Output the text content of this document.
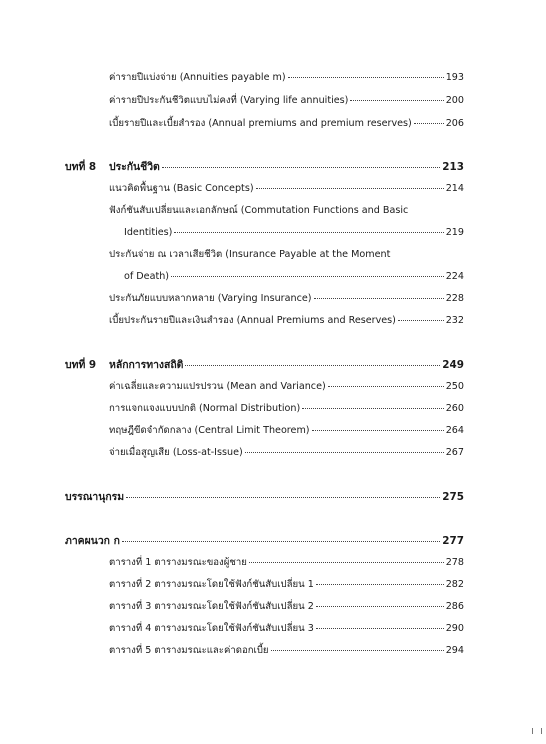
ค่ารายปีแบ่งจ่าย (Annuities payable m)	193
ค่ารายปีประกันชีวิตแบบไม่คงที่ (Varying life annuities)	200
เบี้ยรายปีและเบี้ยสำรอง (Annual premiums and premium reserves)	206
บทที่ 8	ประกันชีวิต	213
แนวคิดพื้นฐาน (Basic Concepts)	214
ฟังก์ชันสับเปลี่ยนและเอกลักษณ์ (Commutation Functions and Basic
Identities)	219
ประกันจ่าย ณ เวลาเสียชีวิต (Insurance Payable at the Moment
of Death)	224
ประกันภัยแบบหลากหลาย (Varying Insurance)	228
เบี้ยประกันรายปีและเงินสำรอง (Annual Premiums and Reserves)	232
บทที่ 9	หลักการทางสถิติ	249
ค่าเฉลี่ยและความแปรปรวน (Mean and Variance)	250
การแจกแจงแบบปกติ (Normal Distribution)	260
ทฤษฎีขีดจำกัดกลาง (Central Limit Theorem)	264
จ่ายเมื่อสูญเสีย (Loss-at-Issue)	267
บรรณานุกรม	275
ภาคผนวก ก	277
ตารางที่ 1 ตารางมรณะของผู้ชาย	278
ตารางที่ 2 ตารางมรณะโดยใช้ฟังก์ชันสับเปลี่ยน 1	282
ตารางที่ 3 ตารางมรณะโดยใช้ฟังก์ชันสับเปลี่ยน 2	286
ตารางที่ 4 ตารางมรณะโดยใช้ฟังก์ชันสับเปลี่ยน 3	290
ตารางที่ 5 ตารางมรณะและค่าดอกเบี้ย	294
